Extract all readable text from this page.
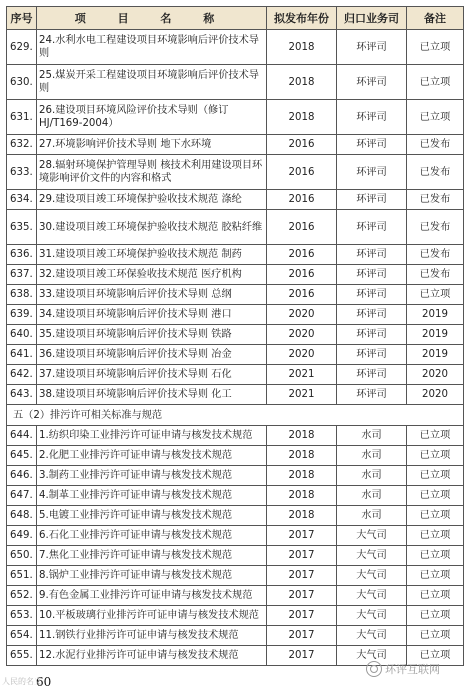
序号	项 目 名 称	拟发布年份	归口业务司	备注
629.	24.水利水电工程建设项目环境影响后评价技术导则	2018	环评司	已立项
630.	25.煤炭开采工程建设项目环境影响后评价技术导则	2018	环评司	已立项
631.	26.建设项目环境风险评价技术导则（修订HJ/T169-2004）	2018	环评司	已立项
632.	27.环境影响评价技术导则 地下水环境	2016	环评司	已发布
633.	28.辐射环境保护管理导则 核技术利用建设项目环境影响评价文件的内容和格式	2016	环评司	已发布
634.	29.建设项目竣工环境保护验收技术规范 涤纶	2016	环评司	已发布
635.	30.建设项目竣工环境保护验收技术规范 胶粘纤维	2016	环评司	已发布
636.	31.建设项目竣工环境保护验收技术规范 制药	2016	环评司	已发布
637.	32.建设项目竣工环保验收技术规范 医疗机构	2016	环评司	已发布
638.	33.建设项目环境影响后评价技术导则 总纲	2016	环评司	已立项
639.	34.建设项目环境影响后评价技术导则 港口	2020	环评司	2019
640.	35.建设项目环境影响后评价技术导则 铁路	2020	环评司	2019
641.	36.建设项目环境影响后评价技术导则 冶金	2020	环评司	2019
642.	37.建设项目环境影响后评价技术导则 石化	2021	环评司	2020
643.	38.建设项目环境影响后评价技术导则 化工	2021	环评司	2020
五（2）排污许可相关标准与规范				
644.	1.纺织印染工业排污许可证申请与核发技术规范	2018	水司	已立项
645.	2.化肥工业排污许可证申请与核发技术规范	2018	水司	已立项
646.	3.制药工业排污许可证申请与核发技术规范	2018	水司	已立项
647.	4.制革工业排污许可证申请与核发技术规范	2018	水司	已立项
648.	5.电镀工业排污许可证申请与核发技术规范	2018	水司	已立项
649.	6.石化工业排污许可证申请与核发技术规范	2017	大气司	已立项
650.	7.焦化工业排污许可证申请与核发技术规范	2017	大气司	已立项
651.	8.锅炉工业排污许可证申请与核发技术规范	2017	大气司	已立项
652.	9.有色金属工业排污许可证申请与核发技术规范	2017	大气司	已立项
653.	10.平板玻璃行业排污许可证申请与核发技术规范	2017	大气司	已立项
654.	11.钢铁行业排污许可证申请与核发技术规范	2017	大气司	已立项
655.	12.水泥行业排污许可证申请与核发技术规范	2017	大气司	已立项
60
人民的名义
环评互联网
